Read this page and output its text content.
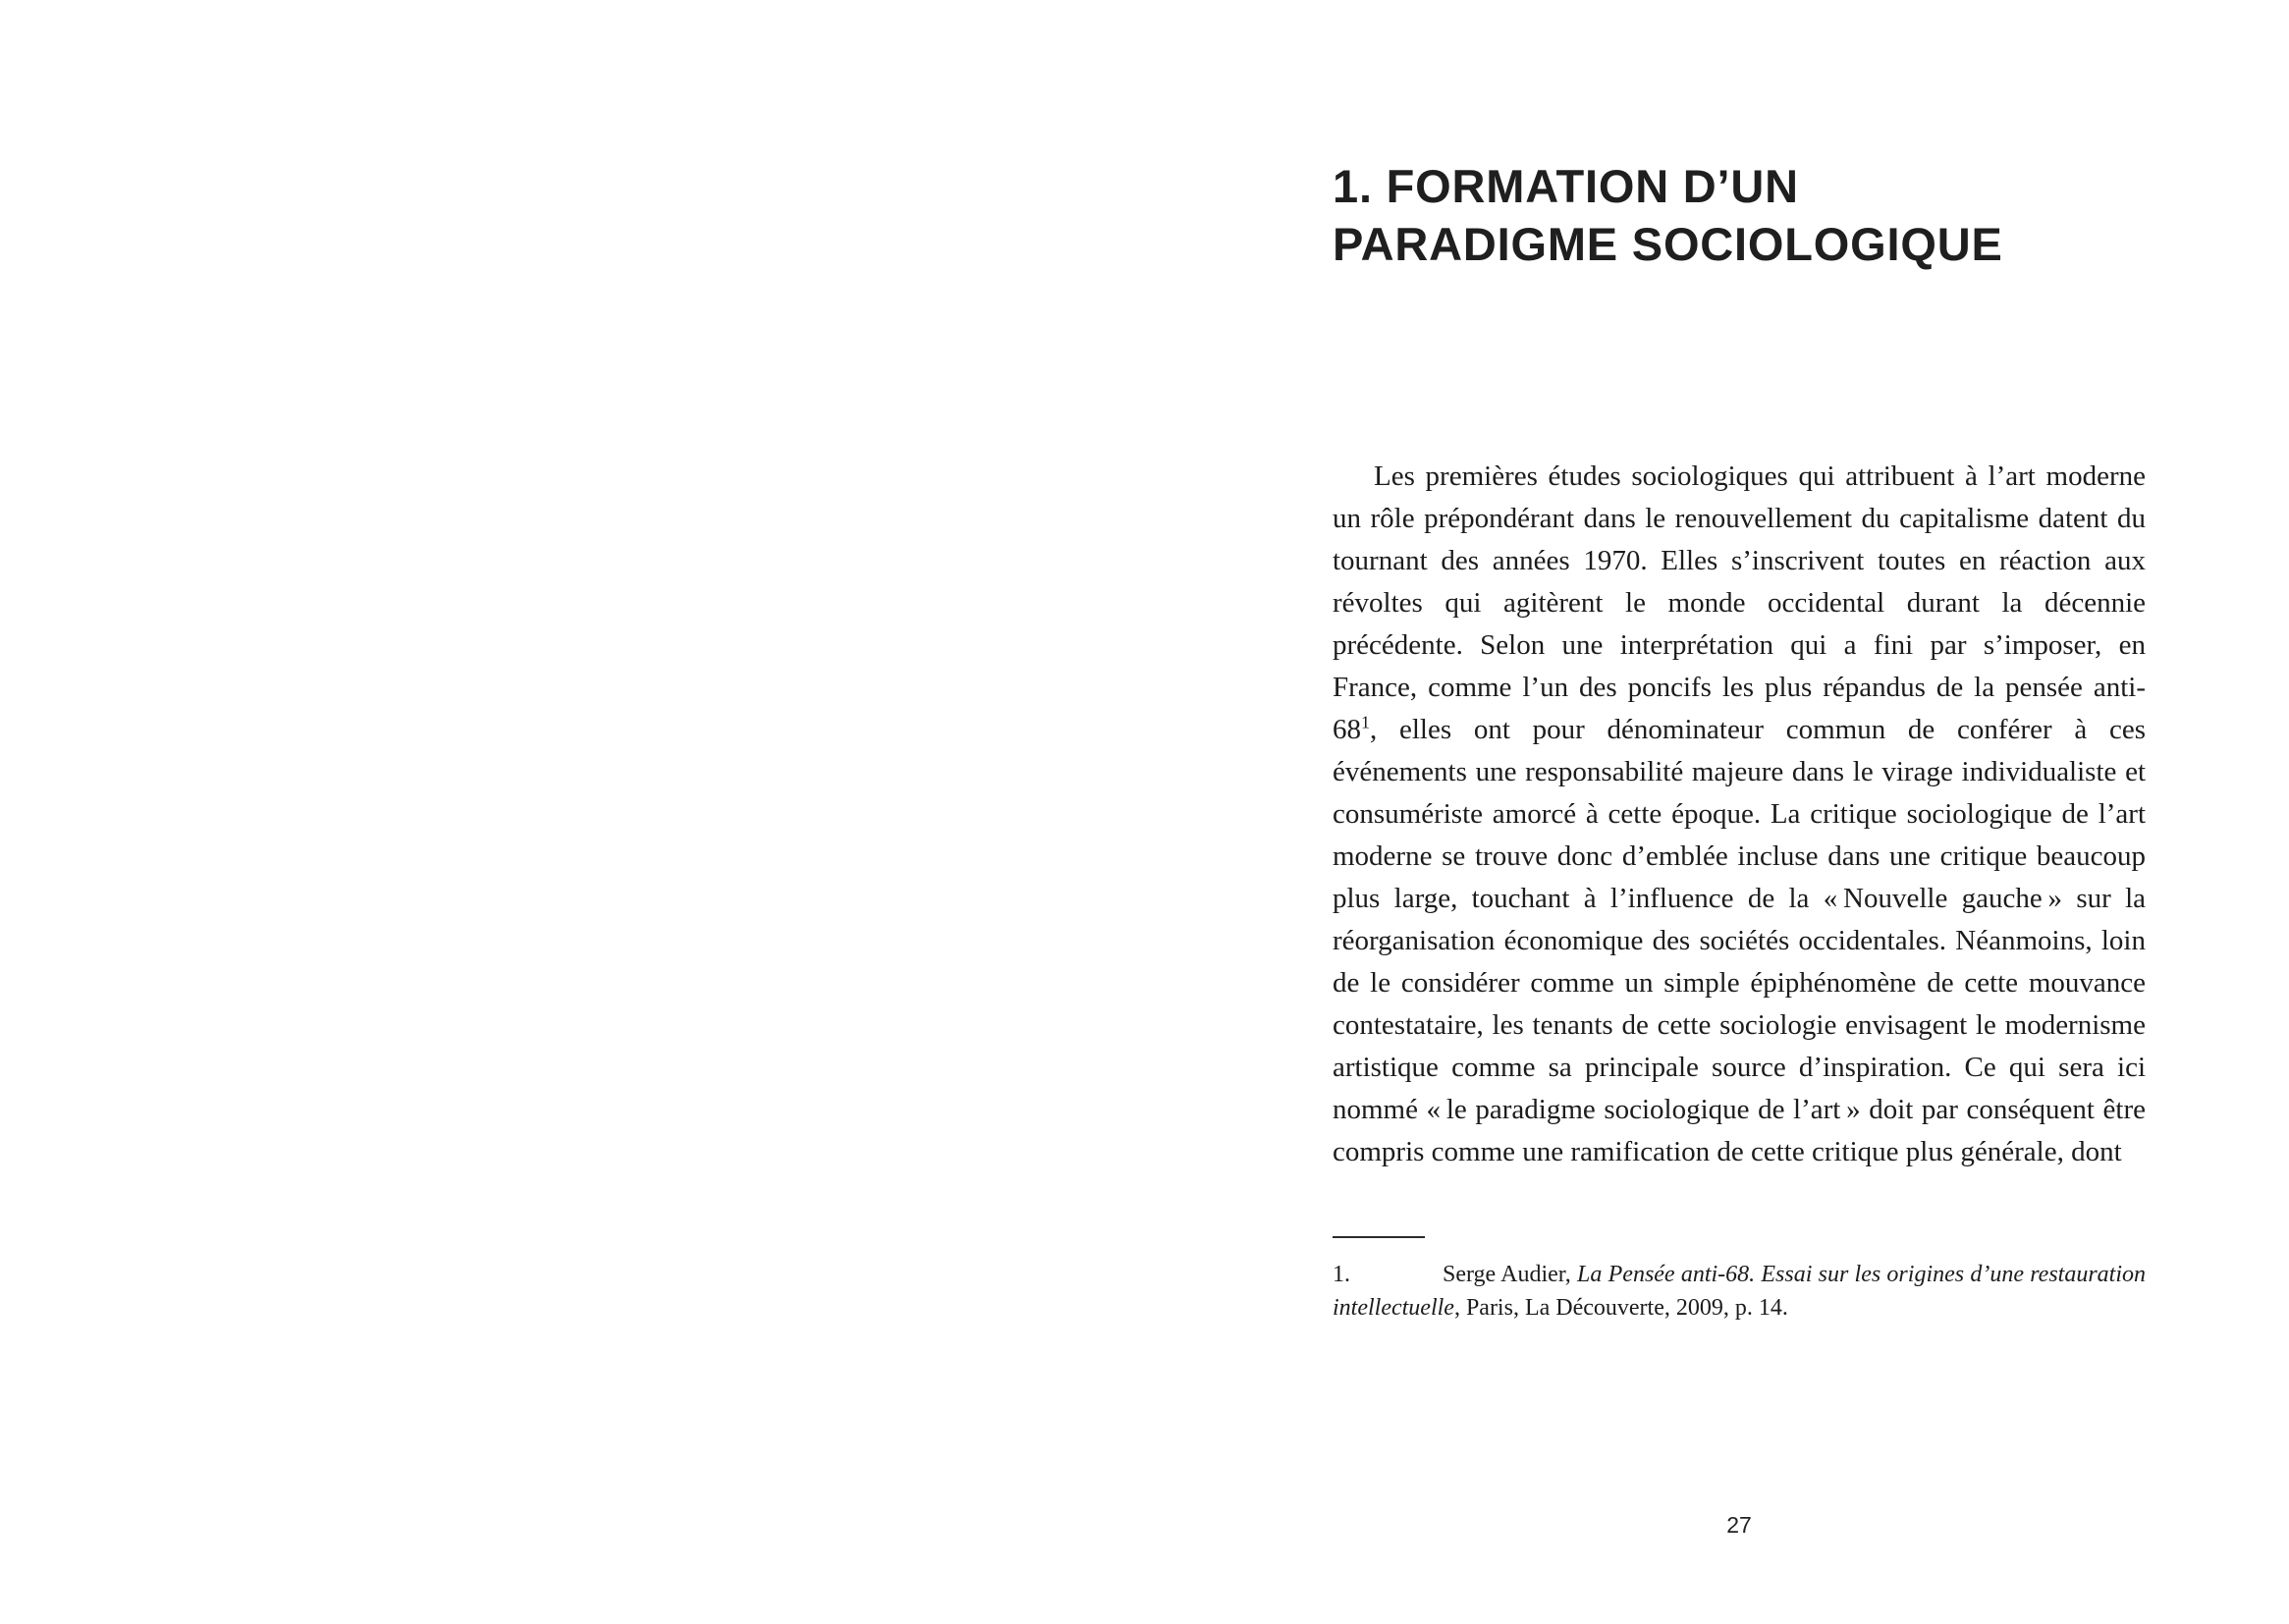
1. FORMATION D’UN
PARADIGME SOCIOLOGIQUE

Les premières études sociologiques qui attribuent à l’art moderne un rôle prépondérant dans le renouvellement du capitalisme datent du tournant des années 1970. Elles s’inscrivent toutes en réaction aux révoltes qui agitèrent le monde occidental durant la décennie précédente. Selon une interprétation qui a fini par s’imposer, en France, comme l’un des poncifs les plus répandus de la pensée anti-68$^1$, elles ont pour dénominateur commun de conférer à ces événements une responsabilité majeure dans le virage individualiste et consumériste amorcé à cette époque. La critique sociologique de l’art moderne se trouve donc d’emblée incluse dans une critique beaucoup plus large, touchant à l’influence de la « Nouvelle gauche » sur la réorganisation économique des sociétés occidentales. Néanmoins, loin de le considérer comme un simple épiphénomène de cette mouvance contestataire, les tenants de cette sociologie envisagent le modernisme artistique comme sa principale source d’inspiration. Ce qui sera ici nommé « le paradigme sociologique de l’art » doit par conséquent être compris comme une ramification de cette critique plus générale, dont

1.	Serge Audier, La Pensée anti-68. Essai sur les origines d’une restauration intellectuelle, Paris, La Découverte, 2009, p. 14.

27
